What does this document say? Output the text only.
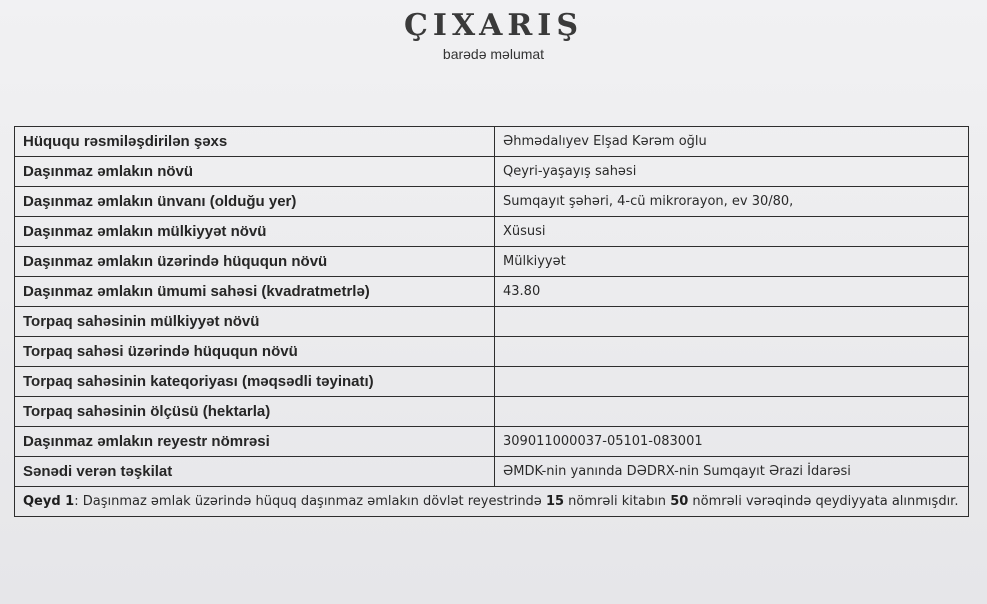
ÇIXARIŞ
barədə məlumat
Hüququ rəsmiləşdirilən şəxs	Əhmədalıyev Elşad Kərəm oğlu
Daşınmaz əmlakın növü	Qeyri-yaşayış sahəsi
Daşınmaz əmlakın ünvanı (olduğu yer)	Sumqayıt şəhəri, 4-cü mikrorayon, ev 30/80,
Daşınmaz əmlakın mülkiyyət növü	Xüsusi
Daşınmaz əmlakın üzərində hüququn növü	Mülkiyyət
Daşınmaz əmlakın ümumi sahəsi (kvadratmetrlə)	43.80
Torpaq sahəsinin mülkiyyət növü	
Torpaq sahəsi üzərində hüququn növü	
Torpaq sahəsinin kateqoriyası (məqsədli təyinatı)	
Torpaq sahəsinin ölçüsü (hektarla)	
Daşınmaz əmlakın reyestr nömrəsi	309011000037-05101-083001
Sənədi verən təşkilat	ƏMDK-nin yanında DƏDRX-nin Sumqayıt Ərazi İdarəsi
Qeyd 1: Daşınmaz əmlak üzərində hüquq daşınmaz əmlakın dövlət reyestrində 15 nömrəli kitabın 50 nömrəli vərəqində qeydiyyata alınmışdır.	
